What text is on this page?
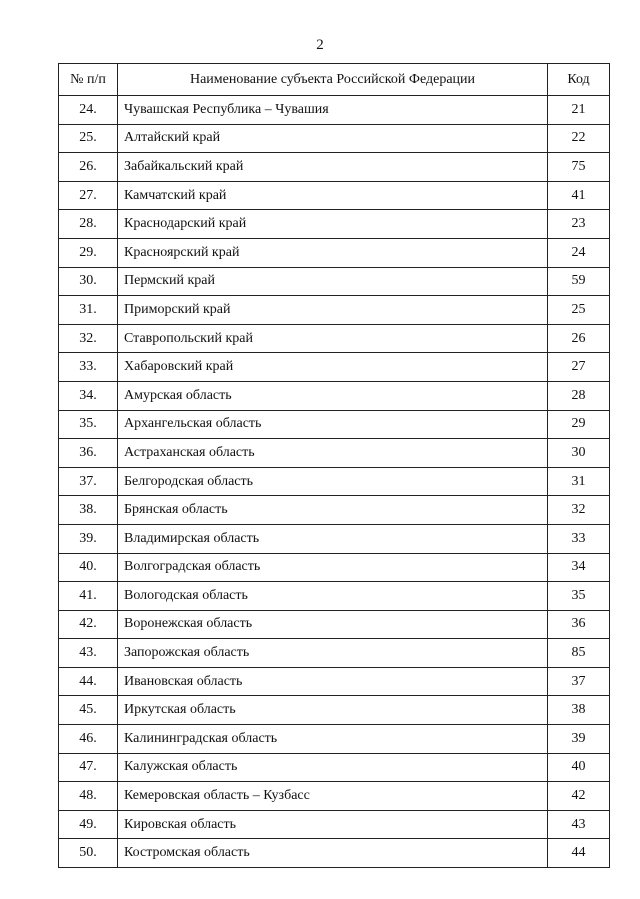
2
№ п/п	Наименование субъекта Российской Федерации	Код
24.	Чувашская Республика – Чувашия	21
25.	Алтайский край	22
26.	Забайкальский край	75
27.	Камчатский край	41
28.	Краснодарский край	23
29.	Красноярский край	24
30.	Пермский край	59
31.	Приморский край	25
32.	Ставропольский край	26
33.	Хабаровский край	27
34.	Амурская область	28
35.	Архангельская область	29
36.	Астраханская область	30
37.	Белгородская область	31
38.	Брянская область	32
39.	Владимирская область	33
40.	Волгоградская область	34
41.	Вологодская область	35
42.	Воронежская область	36
43.	Запорожская область	85
44.	Ивановская область	37
45.	Иркутская область	38
46.	Калининградская область	39
47.	Калужская область	40
48.	Кемеровская область – Кузбасс	42
49.	Кировская область	43
50.	Костромская область	44
